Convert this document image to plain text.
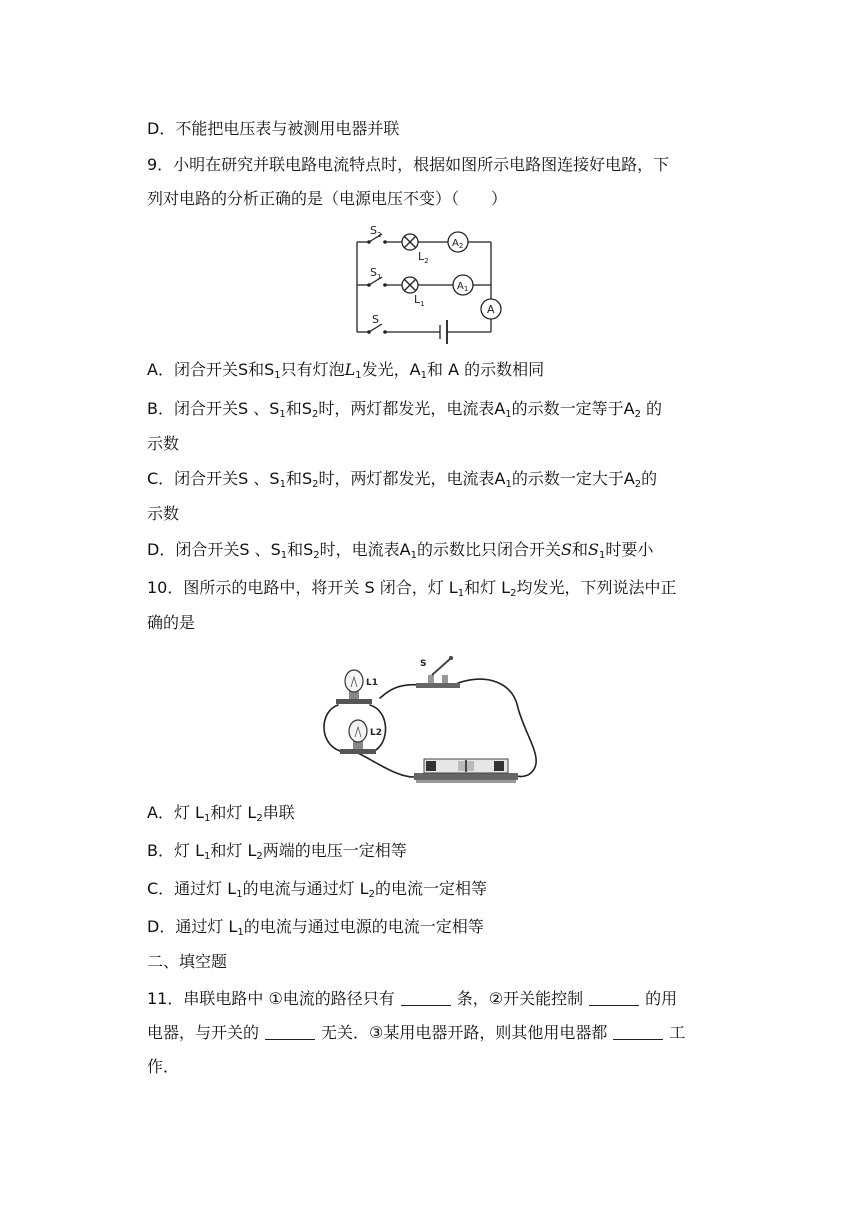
D．不能把电压表与被测用电器并联
9．小明在研究并联电路电流特点时，根据如图所示电路图连接好电路，下
列对电路的分析正确的是（电源电压不变）（　　）
$S_2$
$S_1$
S
$L_2$
$L_1$
$A_2$
$A_1$
A
A．闭合开关S和$S_1$只有灯泡$L_1$发光，$A_1$和 A 的示数相同
B．闭合开关S 、$S_1$和$S_2$时，两灯都发光，电流表$A_1$的示数一定等于$A_2$ 的
示数
C．闭合开关S 、$S_1$和$S_2$时，两灯都发光，电流表$A_1$的示数一定大于$A_2$的
示数
D．闭合开关S 、$S_1$和$S_2$时，电流表$A_1$的示数比只闭合开关S和$S_1$时要小
10．图所示的电路中，将开关 S 闭合，灯 $L_1$和灯 $L_2$均发光，下列说法中正
确的是
L1
L2
S
A．灯 $L_1$和灯 $L_2$串联
B．灯 $L_1$和灯 $L_2$两端的电压一定相等
C．通过灯 $L_1$的电流与通过灯 $L_2$的电流一定相等
D．通过灯 $L_1$的电流与通过电源的电流一定相等
二、填空题
11．串联电路中 ①电流的路径只有	条，②开关能控制	的用
电器，与开关的	无关．③某用电器开路，则其他用电器都	工
作．
